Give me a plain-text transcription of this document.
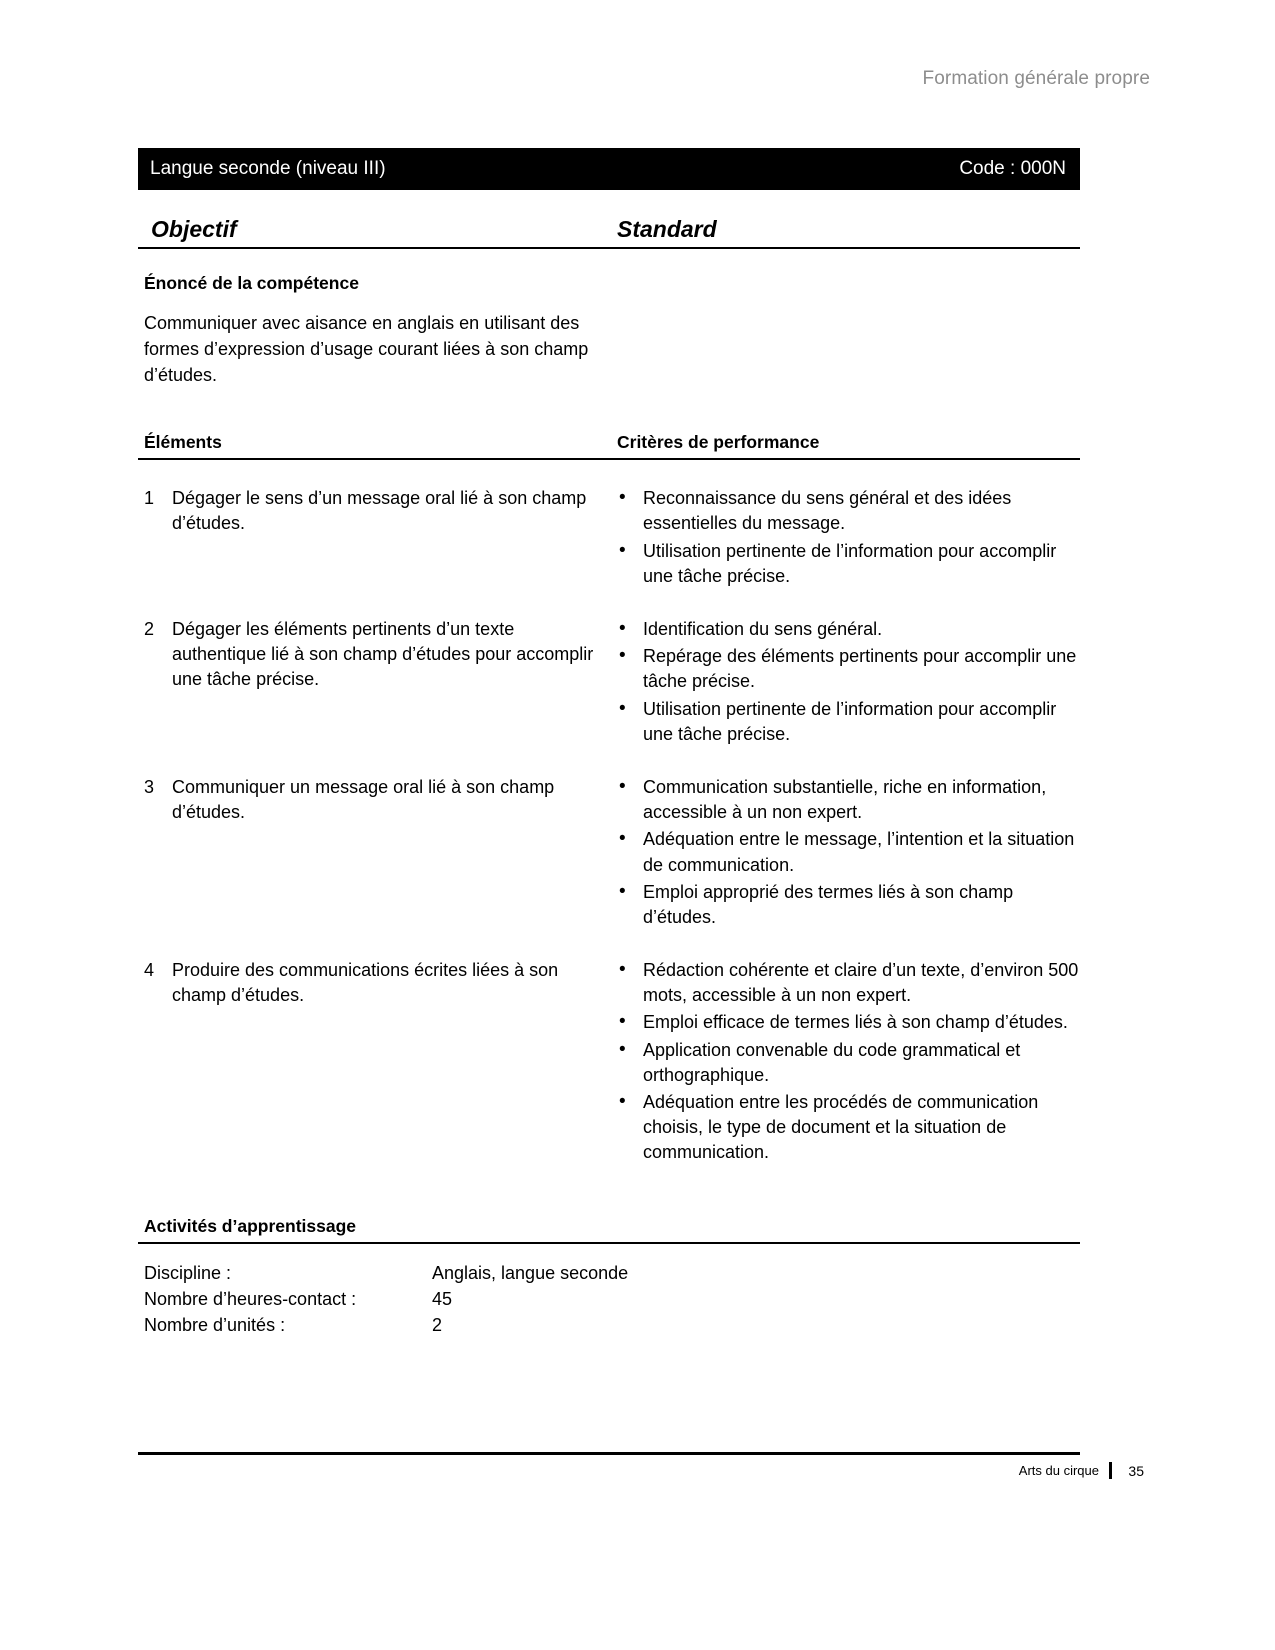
Formation générale propre
Langue seconde (niveau III)	Code : 000N
Objectif	Standard
Énoncé de la compétence
Communiquer avec aisance en anglais en utilisant des formes d’expression d’usage courant liées à son champ d’études.
Éléments	Critères de performance
1 Dégager le sens d’un message oral lié à son champ d’études.
• Reconnaissance du sens général et des idées essentielles du message.
• Utilisation pertinente de l’information pour accomplir une tâche précise.
2 Dégager les éléments pertinents d’un texte authentique lié à son champ d’études pour accomplir une tâche précise.
• Identification du sens général.
• Repérage des éléments pertinents pour accomplir une tâche précise.
• Utilisation pertinente de l’information pour accomplir une tâche précise.
3 Communiquer un message oral lié à son champ d’études.
• Communication substantielle, riche en information, accessible à un non expert.
• Adéquation entre le message, l’intention et la situation de communication.
• Emploi approprié des termes liés à son champ d’études.
4 Produire des communications écrites liées à son champ d’études.
• Rédaction cohérente et claire d’un texte, d’environ 500 mots, accessible à un non expert.
• Emploi efficace de termes liés à son champ d’études.
• Application convenable du code grammatical et orthographique.
• Adéquation entre les procédés de communication choisis, le type de document et la situation de communication.
Activités d’apprentissage
Discipline :	Anglais, langue seconde
Nombre d’heures-contact :	45
Nombre d’unités :	2
Arts du cirque	35
